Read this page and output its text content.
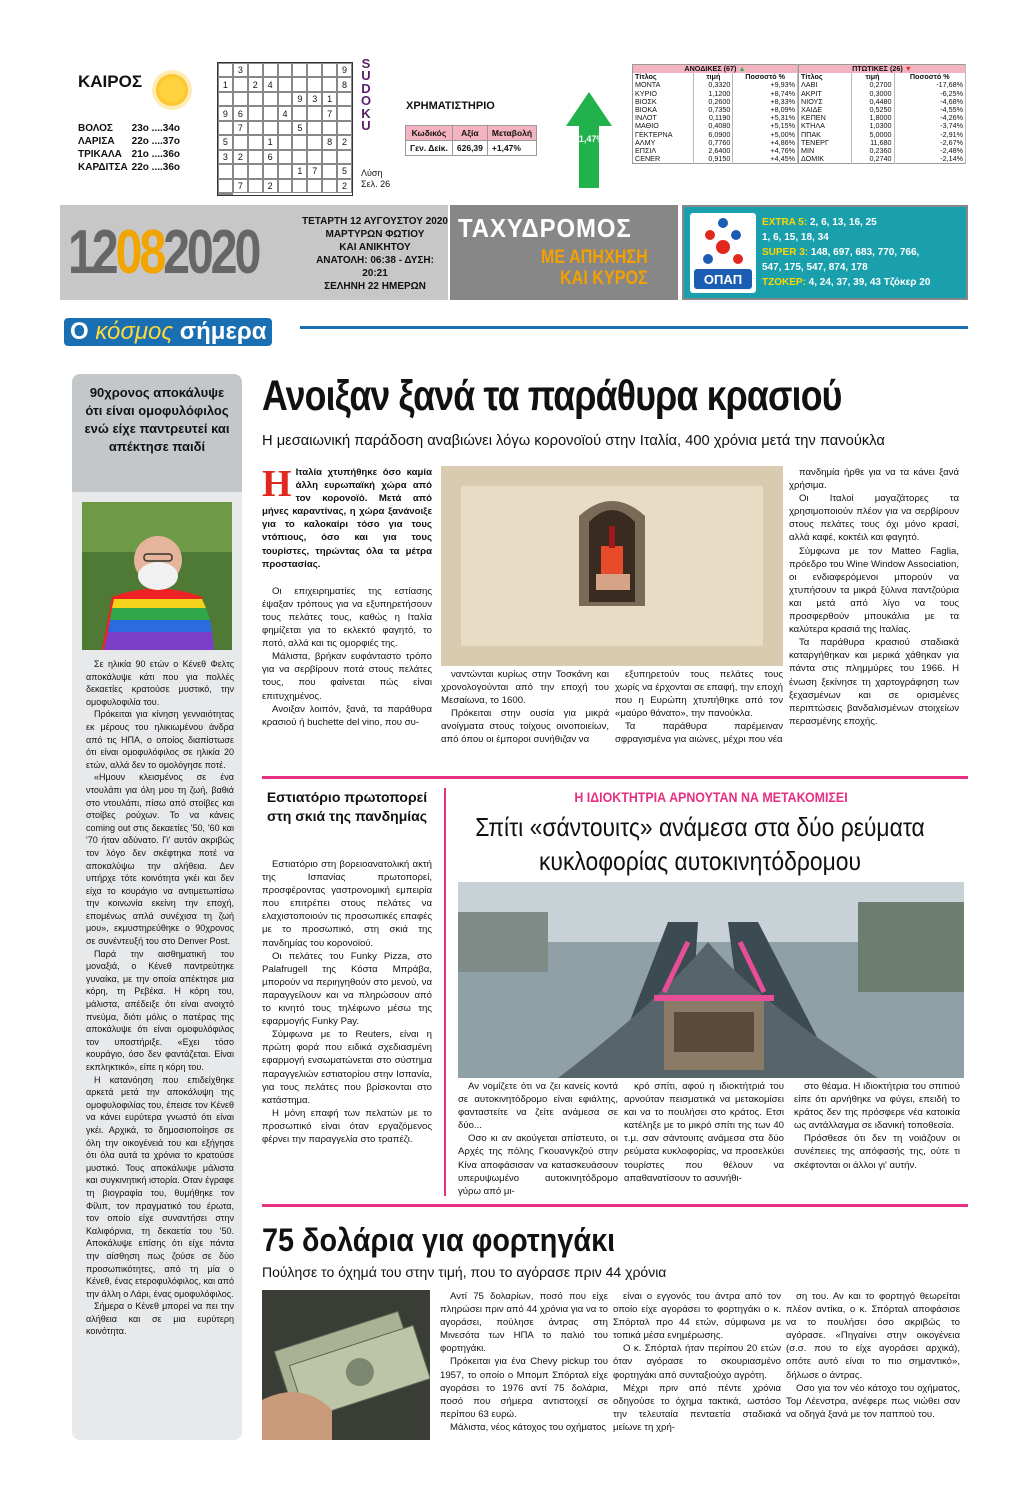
ΚΑΙΡΟΣ
ΒΟΛΟΣ	23ο ....34ο
ΛΑΡΙΣΑ	22ο ....37ο
ΤΡΙΚΑΛΑ	21ο ....36ο
ΚΑΡΔΙΤΣΑ	22ο ....36ο
3	9
1	2	4	8
9	3	1
9	6	4	7
7	5
5	1	8	2
3	2	6
1	7	5
7	2	2
S
U
D
O
K
U
Λύση
Σελ. 26
ΧΡΗΜΑΤΙΣΤΗΡΙΟ
Κωδικός	Αξία	Μεταβολή
Γεν. Δείκ.	626,39	+1,47%
+1,47%
ΑΝΟΔΙΚΕΣ (67) ▲		
Τίτλος	τιμή	Ποσοστό %
ΜΟΝΤΑ	0,3320	+9,93%
ΚΥΡΙΟ	1,1200	+8,74%
ΒΙΟΣΚ	0,2600	+8,33%
ΒΙΟΚΑ	0,7350	+8,09%
ΙΝΛΟΤ	0,1190	+5,31%
ΜΑΘΙΟ	0,4080	+5,15%
ΓΕΚΤΕΡΝΑ	6,0900	+5,00%
ΑΛΜΥ	0,7760	+4,86%
ΕΠΣΙΛ	2,6400	+4,76%
CENER	0,9150	+4,45%
ΠΤΩΤΙΚΕΣ (26) ▼		
Τίτλος	τιμή	Ποσοστό %
ΛΑΒΙ	0,2700	-17,68%
ΑΚΡΙΤ	0,3000	-6,25%
ΝΙΟΥΣ	0,4480	-4,68%
ΧΑΙΔΕ	0,5250	-4,55%
ΚΕΠΕΝ	1,8000	-4,26%
ΚΤΗΛΑ	1,0300	-3,74%
ΠΠΑΚ	5,0000	-2,91%
ΤΕΝΕΡΓ	11,680	-2,67%
ΜΙΝ	0,2360	-2,48%
ΔΟΜΙΚ	0,2740	-2,14%
12082020	ΤΕΤΑΡΤΗ 12 ΑΥΓΟΥΣΤΟΥ 2020
ΜΑΡΤΥΡΩΝ ΦΩΤΙΟΥ
ΚΑΙ ΑΝΙΚΗΤΟΥ
ΑΝΑΤΟΛΗ: 06:38 - ΔΥΣΗ: 20:21
ΣΕΛΗΝΗ 22 ΗΜΕΡΩΝ
ΤΑΧΥΔΡΟΜΟΣ
ΜΕ ΑΠΗΧΗΣΗ
ΚΑΙ ΚΥΡΟΣ	ΟΠΑΠ
EXTRA 5: 2, 6, 13, 16, 25
1, 6, 15, 18, 34
SUPER 3: 148, 697, 683, 770, 766,
547, 175, 547, 874, 178
ΤΖΟΚΕΡ: 4, 24, 37, 39, 43 Τζόκερ 20
Ο κόσμος σήμερα
90χρονος αποκάλυψε ότι είναι ομοφυλόφιλος ενώ είχε παντρευτεί και απέκτησε παιδί

Σε ηλικία 90 ετών ο Κένεθ Φελτς αποκάλυψε κάτι που για πολλές δεκαετίες κρατούσε μυστικό, την ομοφυλοφιλία του.

Πρόκειται για κίνηση γενναιότητας εκ μέρους του ηλικιωμένου άνδρα από τις ΗΠΑ, ο οποίος διαπίστωσε ότι είναι ομοφυλόφιλος σε ηλικία 20 ετών, αλλά δεν το ομολόγησε ποτέ.

«Ημουν κλεισμένος σε ένα ντουλάπι για όλη μου τη ζωή, βαθιά στο ντουλάπι, πίσω από στοίβες και στοίβες ρούχων. Το να κάνεις coming out στις δεκαετίες '50, '60 και '70 ήταν αδύνατο. Γι' αυτόν ακριβώς τον λόγο δεν σκέφτηκα ποτέ να αποκαλύψω την αλήθεια. Δεν υπήρχε τότε κοινότητα γκέι και δεν είχα το κουράγιο να αντιμετωπίσω την κοινωνία εκείνη την εποχή, επομένως απλά συνέχισα τη ζωή μου», εκμυστηρεύθηκε ο 90χρονος σε συνέντευξή του στο Denver Post.

Παρά την αισθηματική του μοναξιά, ο Κένεθ παντρεύτηκε γυναίκα, με την οποία απέκτησε μια κόρη, τη Ρεβέκα. Η κόρη του, μάλιστα, απέδειξε ότι είναι ανοιχτό πνεύμα, διότι μόλις ο πατέρας της αποκάλυψε ότι είναι ομοφυλόφιλος τον υποστήριξε. «Εχει τόσο κουράγιο, όσο δεν φαντάζεται. Είναι εκπληκτικό», είπε η κόρη του.

Η κατανόηση που επιδείχθηκε αρκετά μετά την αποκάλυψη της ομοφυλοφιλίας του, έπεισε τον Κένεθ να κάνει ευρύτερα γνωστό ότι είναι γκέι. Αρχικά, το δημοσιοποίησε σε όλη την οικογένειά του και εξήγησε ότι όλα αυτά τα χρόνια το κρατούσε μυστικό. Τους αποκάλυψε μάλιστα και συγκινητική ιστορία. Οταν έγραφε τη βιογραφία του, θυμήθηκε τον Φίλιπ, τον πραγματικό του έρωτα, τον οποίο είχε συναντήσει στην Καλιφόρνια, τη δεκαετία του '50. Αποκάλυψε επίσης ότι είχε πάντα την αίσθηση πως ζούσε σε δύο προσωπικότητες, από τη μία ο Κένεθ, ένας ετεροφυλόφιλος, και από την άλλη ο Λάρι, ένας ομοφυλόφιλος.

Σήμερα ο Κένεθ μπορεί να πει την αλήθεια και σε μια ευρύτερη κοινότητα.

Ανοιξαν ξανά τα παράθυρα κρασιού
Η μεσαιωνική παράδοση αναβιώνει λόγω κορονοϊού στην Ιταλία, 400 χρόνια μετά την πανούκλα

Η Ιταλία χτυπήθηκε όσο καμία άλλη ευρωπαϊκή χώρα από τον κορονοϊό. Μετά από μήνες καραντίνας, η χώρα ξανάνοιξε για το καλοκαίρι τόσο για τους ντόπιους, όσο και για τους τουρίστες, τηρώντας όλα τα μέτρα προστασίας.

Οι επιχειρηματίες της εστίασης έψαξαν τρόπους για να εξυπηρετήσουν τους πελάτες τους, καθώς η Ιταλία φημίζεται για το εκλεκτό φαγητό, το ποτό, αλλά και τις ομορφιές της.

Μάλιστα, βρήκαν ευφάνταστο τρόπο για να σερβίρουν ποτά στους πελάτες τους, που φαίνεται πώς είναι επιτυχημένος.

Ανοιξαν λοιπόν, ξανά, τα παράθυρα κρασιού ή buchette del vino, που συ-

ναντώνται κυρίως στην Τοσκάνη και χρονολογούνται από την εποχή του Μεσαίωνα, το 1600.

Πρόκειται στην ουσία για μικρά ανοίγματα στους τοίχους οινοποιείων, από όπου οι έμποροι συνήθιζαν να

εξυπηρετούν τους πελάτες τους χωρίς να έρχονται σε επαφή, την εποχή που η Ευρώπη χτυπήθηκε από τον «μαύρο θάνατο», την πανούκλα.

Τα παράθυρα παρέμειναν σφραγισμένα για αιώνες, μέχρι που νέα

πανδημία ήρθε για να τα κάνει ξανά χρήσιμα.

Οι Ιταλοί μαγαζάτορες τα χρησιμοποιούν πλέον για να σερβίρουν στους πελάτες τους όχι μόνο κρασί, αλλά καφέ, κοκτέιλ και φαγητό.

Σύμφωνα με τον Matteo Faglia, πρόεδρο του Wine Window Association, οι ενδιαφερόμενοι μπορούν να χτυπήσουν τα μικρά ξύλινα παντζούρια και μετά από λίγο να τους προσφερθούν μπουκάλια με τα καλύτερα κρασιά της Ιταλίας.

Τα παράθυρα κρασιού σταδιακά καταργήθηκαν και μερικά χάθηκαν για πάντα στις πλημμύρες του 1966. Η ένωση ξεκίνησε τη χαρτογράφηση των ξεχασμένων και σε ορισμένες περιπτώσεις βανδαλισμένων στοιχείων περασμένης εποχής.

Εστιατόριο πρωτοπορεί στη σκιά της πανδημίας

Εστιατόριο στη βορειοανατολική ακτή της Ισπανίας πρωτοπορεί, προσφέροντας γαστρονομική εμπειρία που επιτρέπει στους πελάτες να ελαχιστοποιούν τις προσωπικές επαφές με το προσωπικό, στη σκιά της πανδημίας του κορονοϊού.

Οι πελάτες του Funky Pizza, στο Palafrugell της Κόστα Μπράβα, μπορούν να περιηγηθούν στο μενού, να παραγγείλουν και να πληρώσουν από το κινητό τους τηλέφωνο μέσω της εφαρμογής Funky Pay.

Σύμφωνα με το Reuters, είναι η πρώτη φορά που ειδικά σχεδιασμένη εφαρμογή ενσωματώνεται στο σύστημα παραγγελιών εστιατορίου στην Ισπανία, για τους πελάτες που βρίσκονται στο κατάστημα.

Η μόνη επαφή των πελατών με το προσωπικό είναι όταν εργαζόμενος φέρνει την παραγγελία στο τραπέζι.

Η ΙΔΙΟΚΤΗΤΡΙΑ ΑΡΝΟΥΤΑΝ ΝΑ ΜΕΤΑΚΟΜΙΣΕΙ
Σπίτι «σάντουιτς» ανάμεσα στα δύο ρεύματα κυκλοφορίας αυτοκινητόδρομου

Αν νομίζετε ότι να ζει κανείς κοντά σε αυτοκινητόδρομο είναι εφιάλτης, φανταστείτε να ζείτε ανάμεσα σε δύο...

Οσο κι αν ακούγεται απίστευτο, οι Αρχές της πόλης Γκουανγκζού στην Κίνα αποφάσισαν να κατασκευάσουν υπερυψωμένο αυτοκινητόδρομο γύρω από μι-

κρό σπίτι, αφού η ιδιοκτήτριά του αρνούταν πεισματικά να μετακομίσει και να το πουλήσει στο κράτος. Ετσι κατέληξε με το μικρό σπίτι της των 40 τ.μ. σαν σάντουιτς ανάμεσα στα δύο ρεύματα κυκλοφορίας, να προσελκύει τουρίστες που θέλουν να απαθανατίσουν το ασυνήθι-

στο θέαμα. Η ιδιοκτήτρια του σπιτιού είπε ότι αρνήθηκε να φύγει, επειδή το κράτος δεν της πρόσφερε νέα κατοικία ως αντάλλαγμα σε ιδανική τοποθεσία.

Πρόσθεσε ότι δεν τη νοιάζουν οι συνέπειες της απόφασής της, ούτε τι σκέφτονται οι άλλοι γι' αυτήν.

75 δολάρια για φορτηγάκι
Πούλησε το όχημά του στην τιμή, που το αγόρασε πριν 44 χρόνια

Αντί 75 δολαρίων, ποσό που είχε πληρώσει πριν από 44 χρόνια για να το αγοράσει, πούλησε άντρας στη Μινεσότα των ΗΠΑ το παλιό του φορτηγάκι.

Πρόκειται για ένα Chevy pickup του 1957, το οποίο ο Μπομπ Σπόρταλ είχε αγοράσει το 1976 αντί 75 δολάρια, ποσό που σήμερα αντιστοιχεί σε περίπου 63 ευρώ.

Μάλιστα, νέος κάτοχος του οχήματος

είναι ο εγγονός του άντρα από τον οποίο είχε αγοράσει το φορτηγάκι ο κ. Σπόρταλ προ 44 ετών, σύμφωνα με τοπικά μέσα ενημέρωσης.

Ο κ. Σπόρταλ ήταν περίπου 20 ετών όταν αγόρασε το σκουριασμένο φορτηγάκι από συνταξιούχο αγρότη.

Μέχρι πριν από πέντε χρόνια οδηγούσε το όχημα τακτικά, ωστόσο την τελευταία πενταετία σταδιακά μείωνε τη χρή-

ση του. Αν και το φορτηγό θεωρείται πλέον αντίκα, ο κ. Σπόρταλ αποφάσισε να το πουλήσει όσο ακριβώς το αγόρασε. «Πηγαίνει στην οικογένεια (σ.σ. που το είχε αγοράσει αρχικά), οπότε αυτό είναι το πιο σημαντικό», δήλωσε ο άντρας.

Οσο για τον νέο κάτοχο του οχήματος, Τομ Λέενστρα, ανέφερε πως νιώθει σαν να οδηγά ξανά με τον παππού του.
